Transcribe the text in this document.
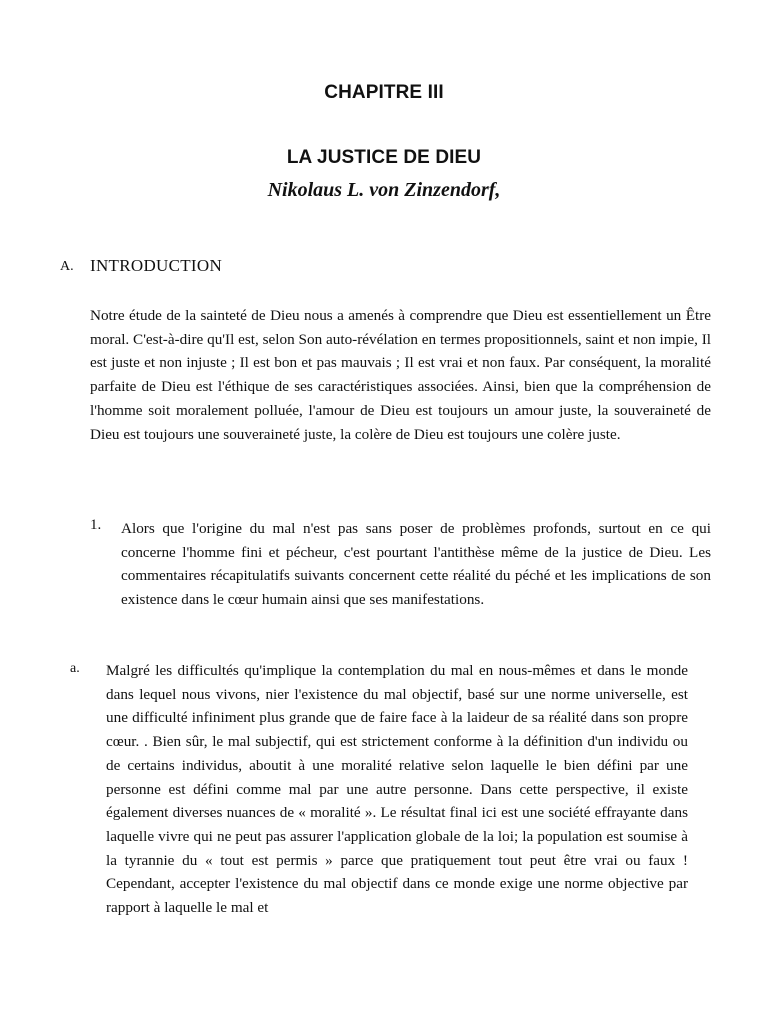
CHAPITRE III
LA JUSTICE DE DIEU
Nikolaus L. von Zinzendorf,
A. INTRODUCTION

Notre étude de la sainteté de Dieu nous a amenés à comprendre que Dieu est essentiellement un Être moral. C'est-à-dire qu'Il est, selon Son auto-révélation en termes propositionnels, saint et non impie, Il est juste et non injuste ; Il est bon et pas mauvais ; Il est vrai et non faux. Par conséquent, la moralité parfaite de Dieu est l'éthique de ses caractéristiques associées. Ainsi, bien que la compréhension de l'homme soit moralement polluée, l'amour de Dieu est toujours un amour juste, la souveraineté de Dieu est toujours une souveraineté juste, la colère de Dieu est toujours une colère juste.

1. Alors que l'origine du mal n'est pas sans poser de problèmes profonds, surtout en ce qui concerne l'homme fini et pécheur, c'est pourtant l'antithèse même de la justice de Dieu. Les commentaires récapitulatifs suivants concernent cette réalité du péché et les implications de son existence dans le cœur humain ainsi que ses manifestations.

a. Malgré les difficultés qu'implique la contemplation du mal en nous-mêmes et dans le monde dans lequel nous vivons, nier l'existence du mal objectif, basé sur une norme universelle, est une difficulté infiniment plus grande que de faire face à la laideur de sa réalité dans son propre cœur. . Bien sûr, le mal subjectif, qui est strictement conforme à la définition d'un individu ou de certains individus, aboutit à une moralité relative selon laquelle le bien défini par une personne est défini comme mal par une autre personne. Dans cette perspective, il existe également diverses nuances de « moralité ». Le résultat final ici est une société effrayante dans laquelle vivre qui ne peut pas assurer l'application globale de la loi; la population est soumise à la tyrannie du « tout est permis » parce que pratiquement tout peut être vrai ou faux ! Cependant, accepter l'existence du mal objectif dans ce monde exige une norme objective par rapport à laquelle le mal et
